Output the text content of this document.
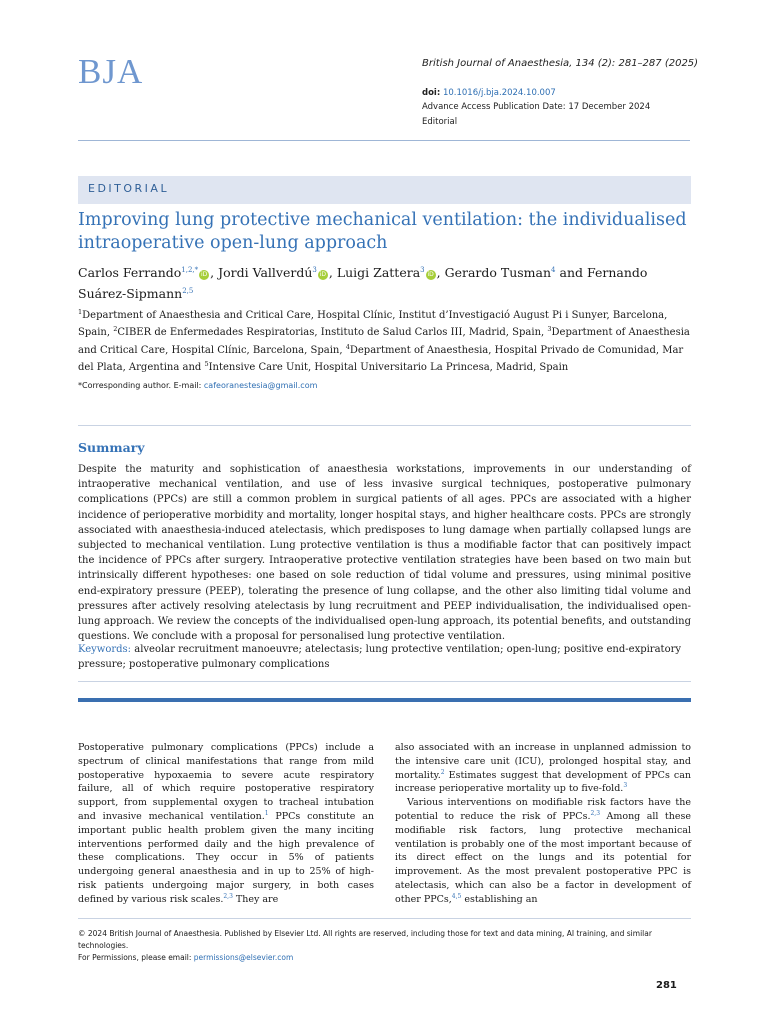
BJA	British Journal of Anaesthesia, 134 (2): 281–287 (2025)
doi: 10.1016/j.bja.2024.10.007
Advance Access Publication Date: 17 December 2024
Editorial
EDITORIAL
Improving lung protective mechanical ventilation: the individualised intraoperative open-lung approach
Carlos Ferrando$^{1,2,*}$iD , Jordi Vallverdú$^3$iD , Luigi Zattera$^3$iD , Gerardo Tusman$^4$ and Fernando Suárez-Sipmann$^{2,5}$
$^1$Department of Anaesthesia and Critical Care, Hospital Clínic, Institut d’Investigació August Pi i Sunyer, Barcelona, Spain, $^2$CIBER de Enfermedades Respiratorias, Instituto de Salud Carlos III, Madrid, Spain, $^3$Department of Anaesthesia and Critical Care, Hospital Clínic, Barcelona, Spain, $^4$Department of Anaesthesia, Hospital Privado de Comunidad, Mar del Plata, Argentina and $^5$Intensive Care Unit, Hospital Universitario La Princesa, Madrid, Spain
*Corresponding author. E-mail: cafeoranestesia@gmail.com
Summary
Despite the maturity and sophistication of anaesthesia workstations, improvements in our understanding of intraoperative mechanical ventilation, and use of less invasive surgical techniques, postoperative pulmonary complications (PPCs) are still a common problem in surgical patients of all ages. PPCs are associated with a higher incidence of perioperative morbidity and mortality, longer hospital stays, and higher healthcare costs. PPCs are strongly associated with anaesthesia-induced atelectasis, which predisposes to lung damage when partially collapsed lungs are subjected to mechanical ventilation. Lung protective ventilation is thus a modifiable factor that can positively impact the incidence of PPCs after surgery. Intraoperative protective ventilation strategies have been based on two main but intrinsically different hypotheses: one based on sole reduction of tidal volume and pressures, using minimal positive end-expiratory pressure (PEEP), tolerating the presence of lung collapse, and the other also limiting tidal volume and pressures after actively resolving atelectasis by lung recruitment and PEEP individualisation, the individualised open-lung approach. We review the concepts of the individualised open-lung approach, its potential benefits, and outstanding questions. We conclude with a proposal for personalised lung protective ventilation.
Keywords: alveolar recruitment manoeuvre; atelectasis; lung protective ventilation; open-lung; positive end-expiratory pressure; postoperative pulmonary complications

Postoperative pulmonary complications (PPCs) include a spectrum of clinical manifestations that range from mild postoperative hypoxaemia to severe acute respiratory failure, all of which require postoperative respiratory support, from supplemental oxygen to tracheal intubation and invasive mechanical ventilation.$^1$ PPCs constitute an important public health problem given the many inciting interventions performed daily and the high prevalence of these complications. They occur in 5% of patients undergoing general anaesthesia and in up to 25% of high-risk patients undergoing major surgery, in both cases defined by various risk scales.$^{2,3}$ They are

also associated with an increase in unplanned admission to the intensive care unit (ICU), prolonged hospital stay, and mortality.$^2$ Estimates suggest that development of PPCs can increase perioperative mortality up to five-fold.$^3$

Various interventions on modifiable risk factors have the potential to reduce the risk of PPCs.$^{2,3}$ Among all these modifiable risk factors, lung protective mechanical ventilation is probably one of the most important because of its direct effect on the lungs and its potential for improvement. As the most prevalent postoperative PPC is atelectasis, which can also be a factor in development of other PPCs,$^{4,5}$ establishing an

© 2024 British Journal of Anaesthesia. Published by Elsevier Ltd. All rights are reserved, including those for text and data mining, AI training, and similar technologies.
For Permissions, please email: permissions@elsevier.com
281
